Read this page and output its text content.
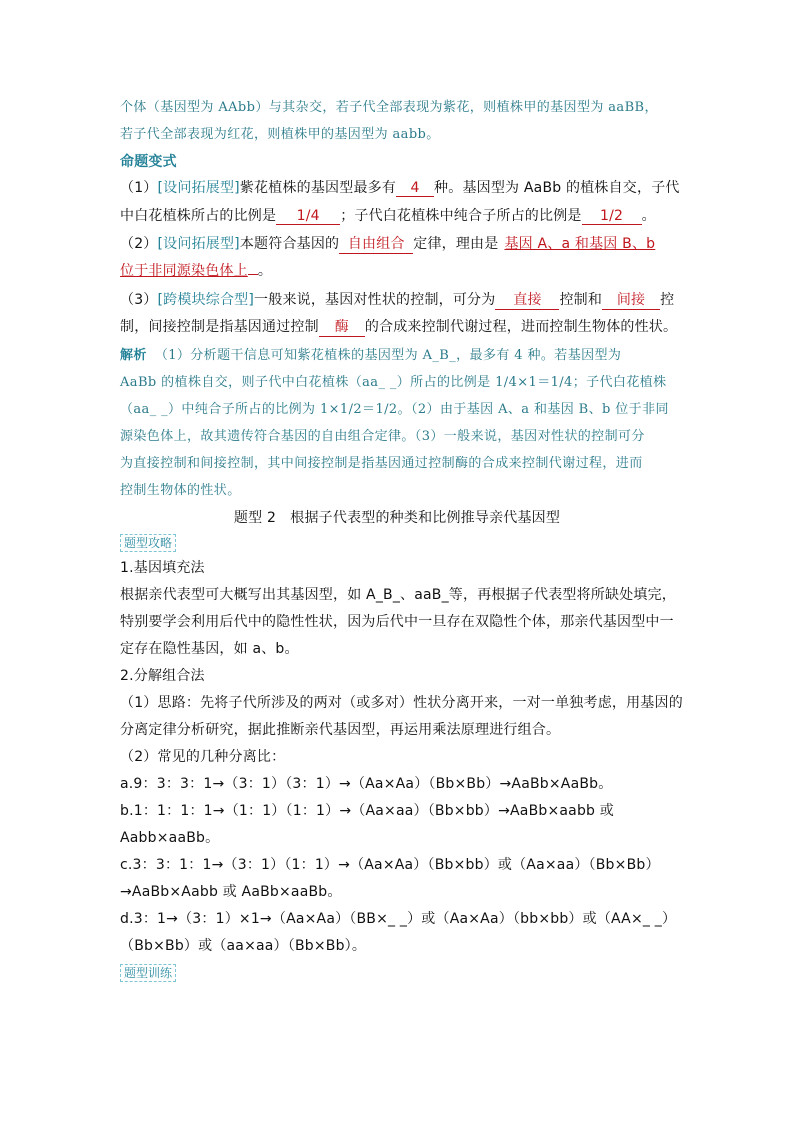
个体（基因型为 AAbb）与其杂交，若子代全部表现为紫花，则植株甲的基因型为 aaBB，
若子代全部表现为红花，则植株甲的基因型为 aabb。
命题变式
（1）[设问拓展型]紫花植株的基因型最多有 4 种。基因型为 AaBb 的植株自交，子代
中白花植株所占的比例是 1/4 ；子代白花植株中纯合子所占的比例是 1/2 。
（2）[设问拓展型]本题符合基因的 自由组合 定律，理由是 基因 A、a 和基因 B、b
位于非同源染色体上 。
（3）[跨模块综合型]一般来说，基因对性状的控制，可分为 直接 控制和 间接 控
制，间接控制是指基因通过控制 酶 的合成来控制代谢过程，进而控制生物体的性状。
解析 （1）分析题干信息可知紫花植株的基因型为 A_B_，最多有 4 种。若基因型为
AaBb 的植株自交，则子代中白花植株（aa_ _）所占的比例是 1/4×1＝1/4；子代白花植株
（aa_ _）中纯合子所占的比例为 1×1/2＝1/2。（2）由于基因 A、a 和基因 B、b 位于非同
源染色体上，故其遗传符合基因的自由组合定律。（3）一般来说，基因对性状的控制可分
为直接控制和间接控制，其中间接控制是指基因通过控制酶的合成来控制代谢过程，进而
控制生物体的性状。
题型 2　根据子代表型的种类和比例推导亲代基因型
题型攻略
1.基因填充法
根据亲代表型可大概写出其基因型，如 A_B_、aaB_等，再根据子代表型将所缺处填完，
特别要学会利用后代中的隐性性状，因为后代中一旦存在双隐性个体，那亲代基因型中一
定存在隐性基因，如 a、b。
2.分解组合法
（1）思路：先将子代所涉及的两对（或多对）性状分离开来，一对一单独考虑，用基因的
分离定律分析研究，据此推断亲代基因型，再运用乘法原理进行组合。
（2）常见的几种分离比：
a.9：3：3：1→（3：1）（3：1）→（Aa×Aa）（Bb×Bb）→AaBb×AaBb。
b.1：1：1：1→（1：1）（1：1）→（Aa×aa）（Bb×bb）→AaBb×aabb 或
Aabb×aaBb。
c.3：3：1：1→（3：1）（1：1）→（Aa×Aa）（Bb×bb）或（Aa×aa）（Bb×Bb）
→AaBb×Aabb 或 AaBb×aaBb。
d.3：1→（3：1）×1→（Aa×Aa）（BB×_ _）或（Aa×Aa）（bb×bb）或（AA×_ _）
（Bb×Bb）或（aa×aa）（Bb×Bb）。
题型训练
